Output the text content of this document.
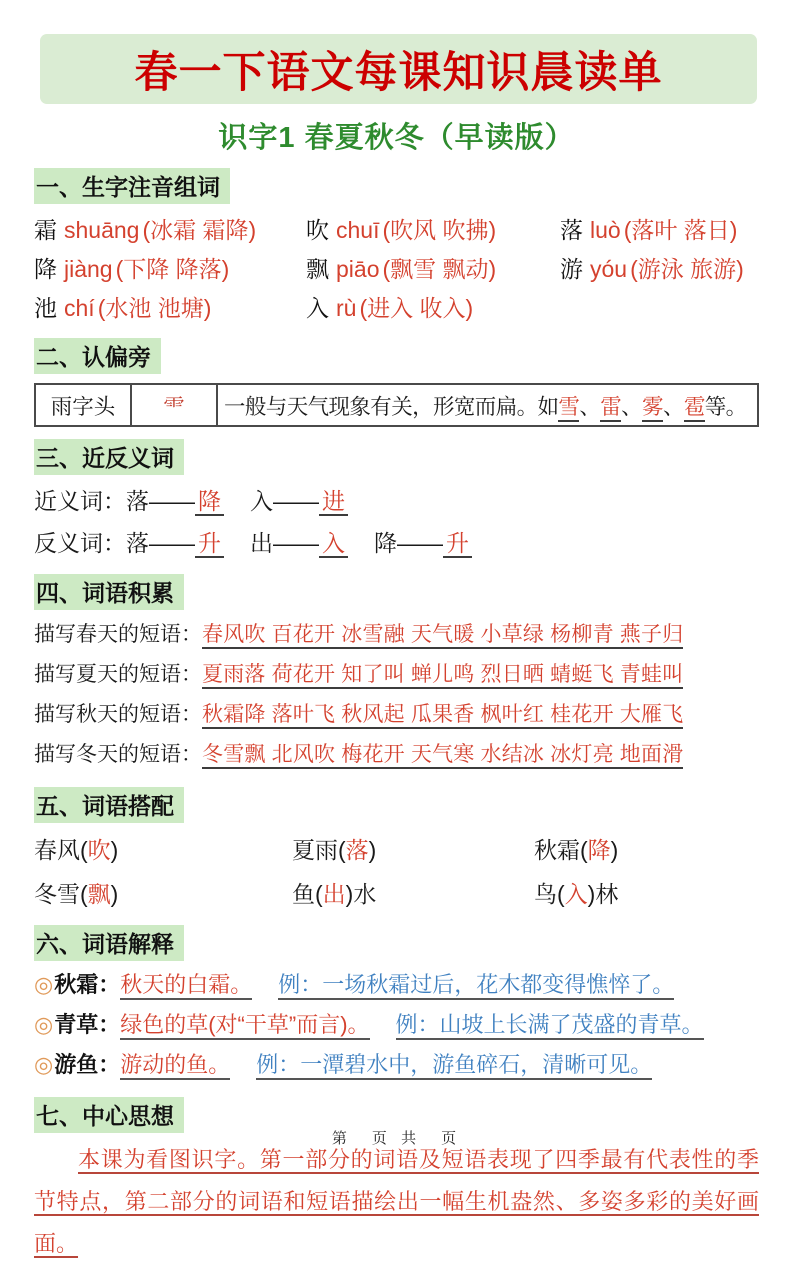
春一下语文每课知识晨读单
识字1 春夏秋冬（早读版）
一、生字注音组词
霜 shuāng (冰霜 霜降)	吹 chuī (吹风 吹拂)	落 luò (落叶 落日)
降 jiàng (下降 降落)	飘 piāo (飘雪 飘动)	游 yóu (游泳 旅游)
池 chí (水池 池塘)	入 rù (进入 收入)
二、认偏旁
雨字头	⻗	一般与天气现象有关，形宽而扁。如雪、雷、雾、雹等。
三、近反义词
近义词：落—— 降 入—— 进
反义词：落—— 升 出—— 入 降—— 升
四、词语积累
描写春天的短语：春风吹 百花开 冰雪融 天气暖 小草绿 杨柳青 燕子归
描写夏天的短语：夏雨落 荷花开 知了叫 蝉儿鸣 烈日晒 蜻蜓飞 青蛙叫
描写秋天的短语：秋霜降 落叶飞 秋风起 瓜果香 枫叶红 桂花开 大雁飞
描写冬天的短语：冬雪飘 北风吹 梅花开 天气寒 水结冰 冰灯亮 地面滑
五、词语搭配
春风(吹)	夏雨(落)	秋霜(降)
冬雪(飘)	鱼(出)水	鸟(入)林
六、词语解释
◎秋霜：秋天的白霜。 例：一场秋霜过后，花木都变得憔悴了。
◎青草：绿色的草(对“干草”而言)。 例：山坡上长满了茂盛的青草。
◎游鱼：游动的鱼。 例：一潭碧水中，游鱼碎石，清晰可见。
七、中心思想
本课为看图识字。第一部分的词语及短语表现了四季最有代表性的季节特点，第二部分的词语和短语描绘出一幅生机盎然、多姿多彩的美好画面。
第　页 共　页
